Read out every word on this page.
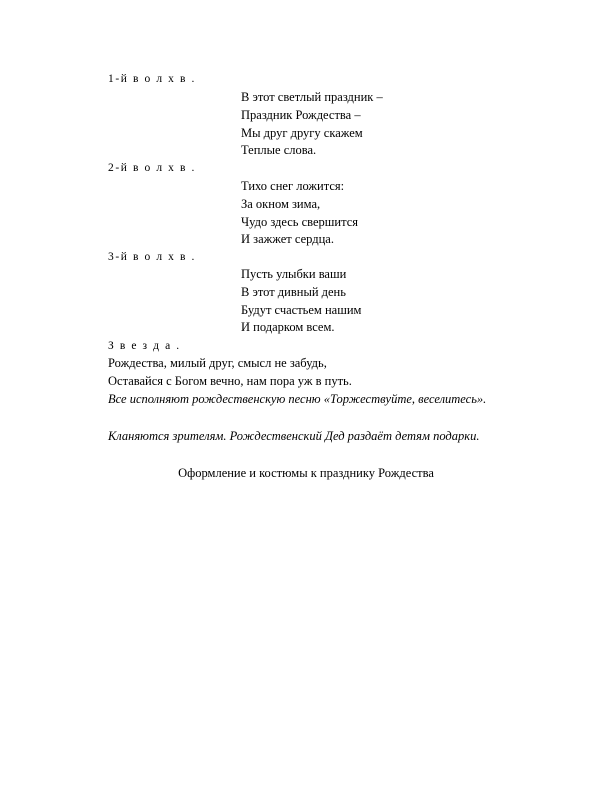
1-й в о л х в .
В этот светлый праздник –
Праздник Рождества –
Мы друг другу скажем
Теплые слова.
2-й в о л х в .
Тихо снег ложится:
За окном зима,
Чудо здесь свершится
И зажжет сердца.
3-й в о л х в .
Пусть улыбки ваши
В этот дивный день
Будут счастьем нашим
И подарком всем.
З в е з д а .
Рождества, милый друг, смысл не забудь,
Оставайся с Богом вечно, нам пора уж в путь.
Все исполняют рождественскую песню «Торжествуйте, веселитесь».
Кланяются зрителям. Рождественский Дед раздаёт детям подарки.
Оформление и костюмы к празднику Рождества
